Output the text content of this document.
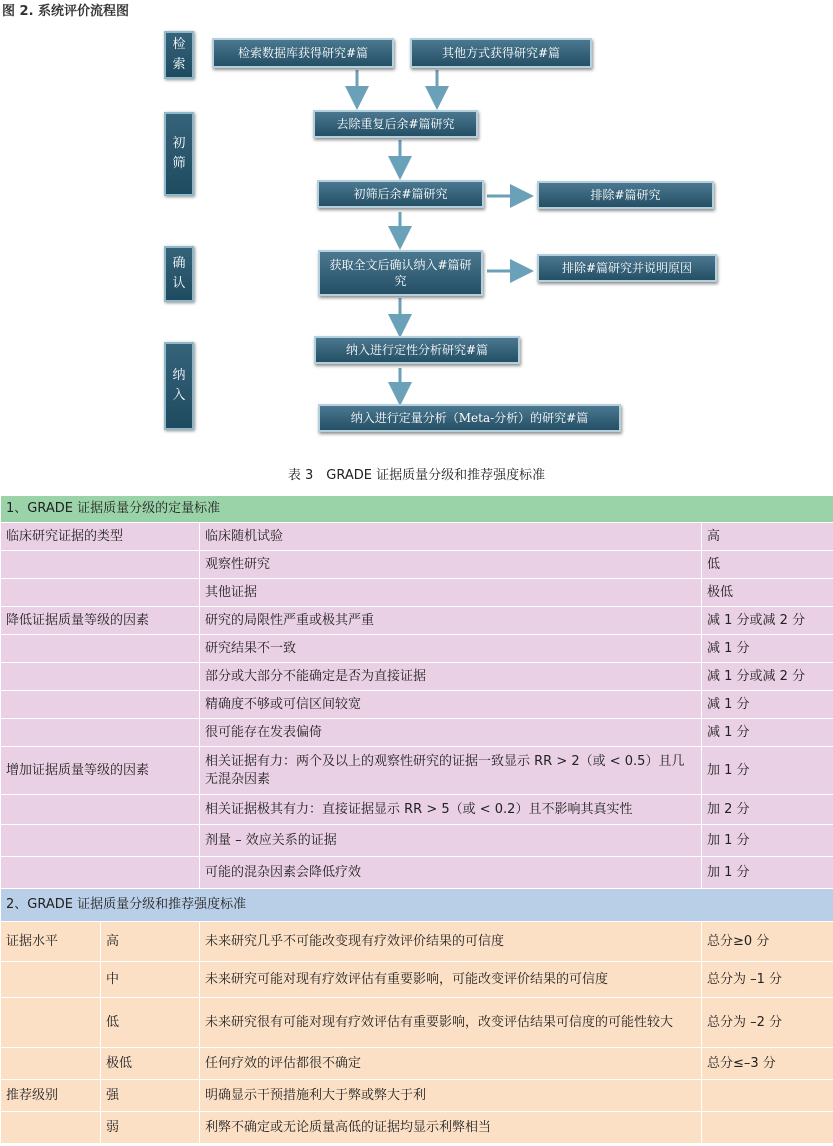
图 2. 系统评价流程图
检
索
初
筛
确
认
纳
入
检索数据库获得研究#篇	其他方式获得研究#篇
去除重复后余#篇研究
初筛后余#篇研究	排除#篇研究
获取全文后确认纳入#篇研究
排除#篇研究并说明原因
纳入进行定性分析研究#篇
纳入进行定量分析（Meta-分析）的研究#篇
表 3　GRADE 证据质量分级和推荐强度标准
1、GRADE 证据质量分级的定量标准			
临床研究证据的类型		临床随机试验	高
		观察性研究	低
		其他证据	极低
降低证据质量等级的因素		研究的局限性严重或极其严重	减 1 分或减 2 分
		研究结果不一致	减 1 分
		部分或大部分不能确定是否为直接证据	减 1 分或减 2 分
		精确度不够或可信区间较宽	减 1 分
		很可能存在发表偏倚	减 1 分
增加证据质量等级的因素		相关证据有力：两个及以上的观察性研究的证据一致显示 RR > 2（或 < 0.5）且几无混杂因素	加 1 分
		相关证据极其有力：直接证据显示 RR > 5（或 < 0.2）且不影响其真实性	加 2 分
		剂量 – 效应关系的证据	加 1 分
		可能的混杂因素会降低疗效	加 1 分
2、GRADE 证据质量分级和推荐强度标准			
证据水平	高	未来研究几乎不可能改变现有疗效评价结果的可信度	总分≥0 分
	中	未来研究可能对现有疗效评估有重要影响，可能改变评价结果的可信度	总分为 –1 分
	低	未来研究很有可能对现有疗效评估有重要影响，改变评估结果可信度的可能性较大	总分为 –2 分
	极低	任何疗效的评估都很不确定	总分≤–3 分
推荐级别	强	明确显示干预措施利大于弊或弊大于利	
	弱	利弊不确定或无论质量高低的证据均显示利弊相当	
